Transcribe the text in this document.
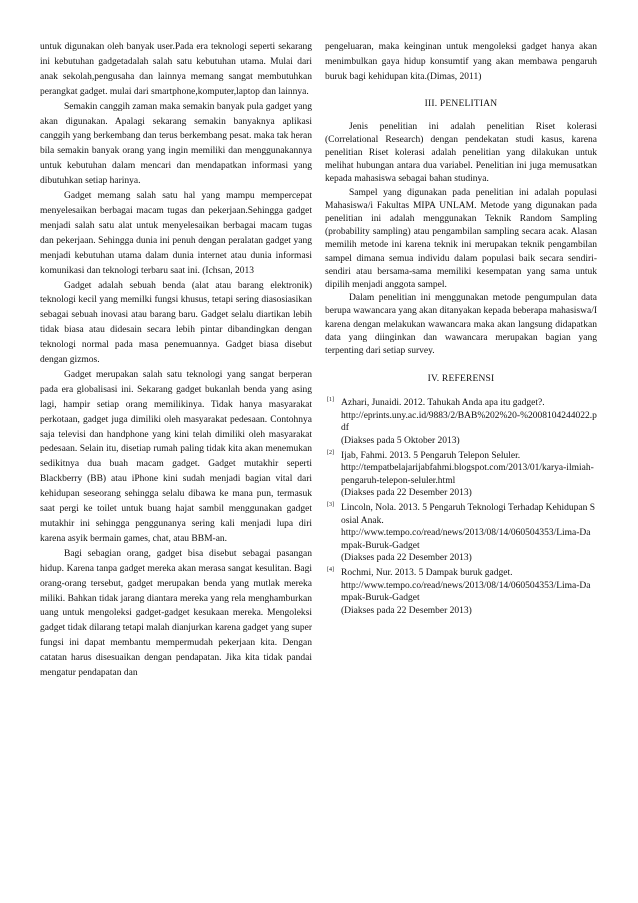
untuk digunakan oleh banyak user.Pada era teknologi seperti sekarang ini kebutuhan gadgetadalah salah satu kebutuhan utama. Mulai dari anak sekolah,pengusaha dan lainnya memang sangat membutuhkan perangkat gadget. mulai dari smartphone,komputer,laptop dan lainnya.

Semakin canggih zaman maka semakin banyak pula gadget yang akan digunakan. Apalagi sekarang semakin banyaknya aplikasi canggih yang berkembang dan terus berkembang pesat. maka tak heran bila semakin banyak orang yang ingin memiliki dan menggunakannya untuk kebutuhan dalam mencari dan mendapatkan informasi yang dibutuhkan setiap harinya.

Gadget memang salah satu hal yang mampu mempercepat menyelesaikan berbagai macam tugas dan pekerjaan.Sehingga gadget menjadi salah satu alat untuk menyelesaikan berbagai macam tugas dan pekerjaan. Sehingga dunia ini penuh dengan peralatan gadget yang menjadi kebutuhan utama dalam dunia internet atau dunia informasi komunikasi dan teknologi terbaru saat ini. (Ichsan, 2013

Gadget adalah sebuah benda (alat atau barang elektronik) teknologi kecil yang memilki fungsi khusus, tetapi sering diasosiasikan sebagai sebuah inovasi atau barang baru. Gadget selalu diartikan lebih tidak biasa atau didesain secara lebih pintar dibandingkan dengan teknologi normal pada masa penemuannya. Gadget biasa disebut dengan gizmos.

Gadget merupakan salah satu teknologi yang sangat berperan pada era globalisasi ini. Sekarang gadget bukanlah benda yang asing lagi, hampir setiap orang memilikinya. Tidak hanya masyarakat perkotaan, gadget juga dimiliki oleh masyarakat pedesaan. Contohnya saja televisi dan handphone yang kini telah dimiliki oleh masyarakat pedesaan. Selain itu, disetiap rumah paling tidak kita akan menemukan sedikitnya dua buah macam gadget. Gadget mutakhir seperti Blackberry (BB) atau iPhone kini sudah menjadi bagian vital dari kehidupan seseorang sehingga selalu dibawa ke mana pun, termasuk saat pergi ke toilet untuk buang hajat sambil menggunakan gadget mutakhir ini sehingga penggunanya sering kali menjadi lupa diri karena asyik bermain games, chat, atau BBM-an.

Bagi sebagian orang, gadget bisa disebut sebagai pasangan hidup. Karena tanpa gadget mereka akan merasa sangat kesulitan. Bagi orang-orang tersebut, gadget merupakan benda yang mutlak mereka miliki. Bahkan tidak jarang diantara mereka yang rela menghamburkan uang untuk mengoleksi gadget-gadget kesukaan mereka. Mengoleksi gadget tidak dilarang tetapi malah dianjurkan karena gadget yang super fungsi ini dapat membantu mempermudah pekerjaan kita. Dengan catatan harus disesuaikan dengan pendapatan. Jika kita tidak pandai mengatur pendapatan dan

pengeluaran, maka keinginan untuk mengoleksi gadget hanya akan menimbulkan gaya hidup konsumtif yang akan membawa pengaruh buruk bagi kehidupan kita.(Dimas, 2011)

III. PENELITIAN

Jenis penelitian ini adalah penelitian Riset kolerasi (Correlational Research) dengan pendekatan studi kasus, karena penelitian Riset kolerasi adalah penelitian yang dilakukan untuk melihat hubungan antara dua variabel. Penelitian ini juga memusatkan kepada mahasiswa sebagai bahan studinya.

Sampel yang digunakan pada penelitian ini adalah populasi Mahasiswa/i Fakultas MIPA UNLAM. Metode yang digunakan pada penelitian ini adalah menggunakan Teknik Random Sampling (probability sampling) atau pengambilan sampling secara acak. Alasan memilih metode ini karena teknik ini merupakan teknik pengambilan sampel dimana semua individu dalam populasi baik secara sendiri-sendiri atau bersama-sama memiliki kesempatan yang sama untuk dipilih menjadi anggota sampel.

Dalam penelitian ini menggunakan metode pengumpulan data berupa wawancara yang akan ditanyakan kepada beberapa mahasiswa/I karena dengan melakukan wawancara maka akan langsung didapatkan data yang diinginkan dan wawancara merupakan bagian yang terpenting dari setiap survey.

IV. REFERENSI
[1] Azhari, Junaidi. 2012. Tahukah Anda apa itu gadget?.
http://eprints.uny.ac.id/9883/2/BAB%202%20-%2008104244022.pdf
(Diakses pada 5 Oktober 2013)
[2] Ijab, Fahmi. 2013. 5 Pengaruh Telepon Seluler.
http://tempatbelajarijabfahmi.blogspot.com/2013/01/karya-ilmiah-pengaruh-telepon-seluler.html
(Diakses pada 22 Desember 2013)
[3] Lincoln, Nola. 2013. 5 Pengaruh Teknologi Terhadap Kehidupan Sosial Anak.
http://www.tempo.co/read/news/2013/08/14/060504353/Lima-Dampak-Buruk-Gadget
(Diakses pada 22 Desember 2013)
[4] Rochmi, Nur. 2013. 5 Dampak buruk gadget.
http://www.tempo.co/read/news/2013/08/14/060504353/Lima-Dampak-Buruk-Gadget
(Diakses pada 22 Desember 2013)
